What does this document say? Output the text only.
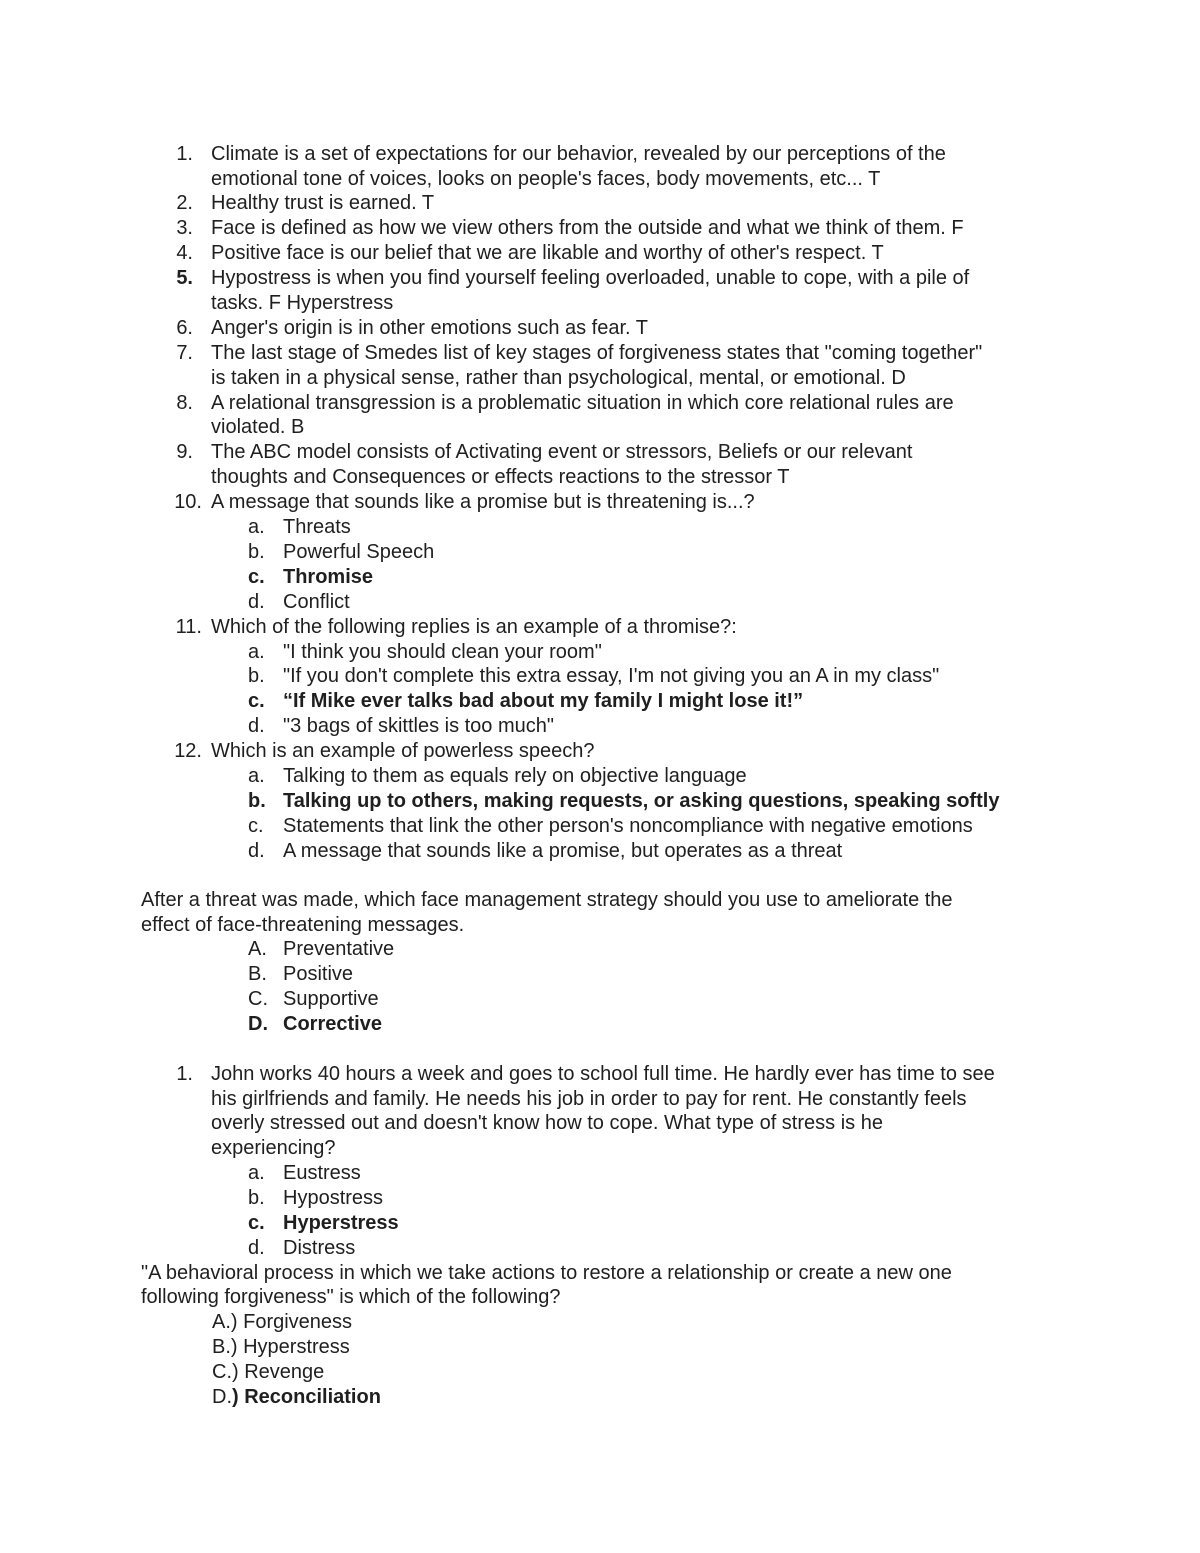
1. Climate is a set of expectations for our behavior, revealed by our perceptions of the
emotional tone of voices, looks on people's faces, body movements, etc... T
2. Healthy trust is earned. T
3. Face is defined as how we view others from the outside and what we think of them. F
4. Positive face is our belief that we are likable and worthy of other's respect. T
5. Hypostress is when you find yourself feeling overloaded, unable to cope, with a pile of
tasks. F Hyperstress
6. Anger's origin is in other emotions such as fear. T
7. The last stage of Smedes list of key stages of forgiveness states that "coming together"
is taken in a physical sense, rather than psychological, mental, or emotional. D
8. A relational transgression is a problematic situation in which core relational rules are
violated. B
9. The ABC model consists of Activating event or stressors, Beliefs or our relevant
thoughts and Consequences or effects reactions to the stressor T
10. A message that sounds like a promise but is threatening is...?
a. Threats
b. Powerful Speech
c. Thromise
d. Conflict
11. Which of the following replies is an example of a thromise?:
a. "I think you should clean your room"
b. "If you don't complete this extra essay, I'm not giving you an A in my class"
c. “If Mike ever talks bad about my family I might lose it!”
d. "3 bags of skittles is too much"
12. Which is an example of powerless speech?
a. Talking to them as equals rely on objective language
b. Talking up to others, making requests, or asking questions, speaking softly
c. Statements that link the other person's noncompliance with negative emotions
d. A message that sounds like a promise, but operates as a threat
After a threat was made, which face management strategy should you use to ameliorate the
effect of face-threatening messages.
A. Preventative
B. Positive
C. Supportive
D. Corrective
1. John works 40 hours a week and goes to school full time. He hardly ever has time to see
his girlfriends and family. He needs his job in order to pay for rent. He constantly feels
overly stressed out and doesn't know how to cope. What type of stress is he
experiencing?
a. Eustress
b. Hypostress
c. Hyperstress
d. Distress
"A behavioral process in which we take actions to restore a relationship or create a new one
following forgiveness" is which of the following?
A.) Forgiveness
B.) Hyperstress
C.) Revenge
D.) Reconciliation
